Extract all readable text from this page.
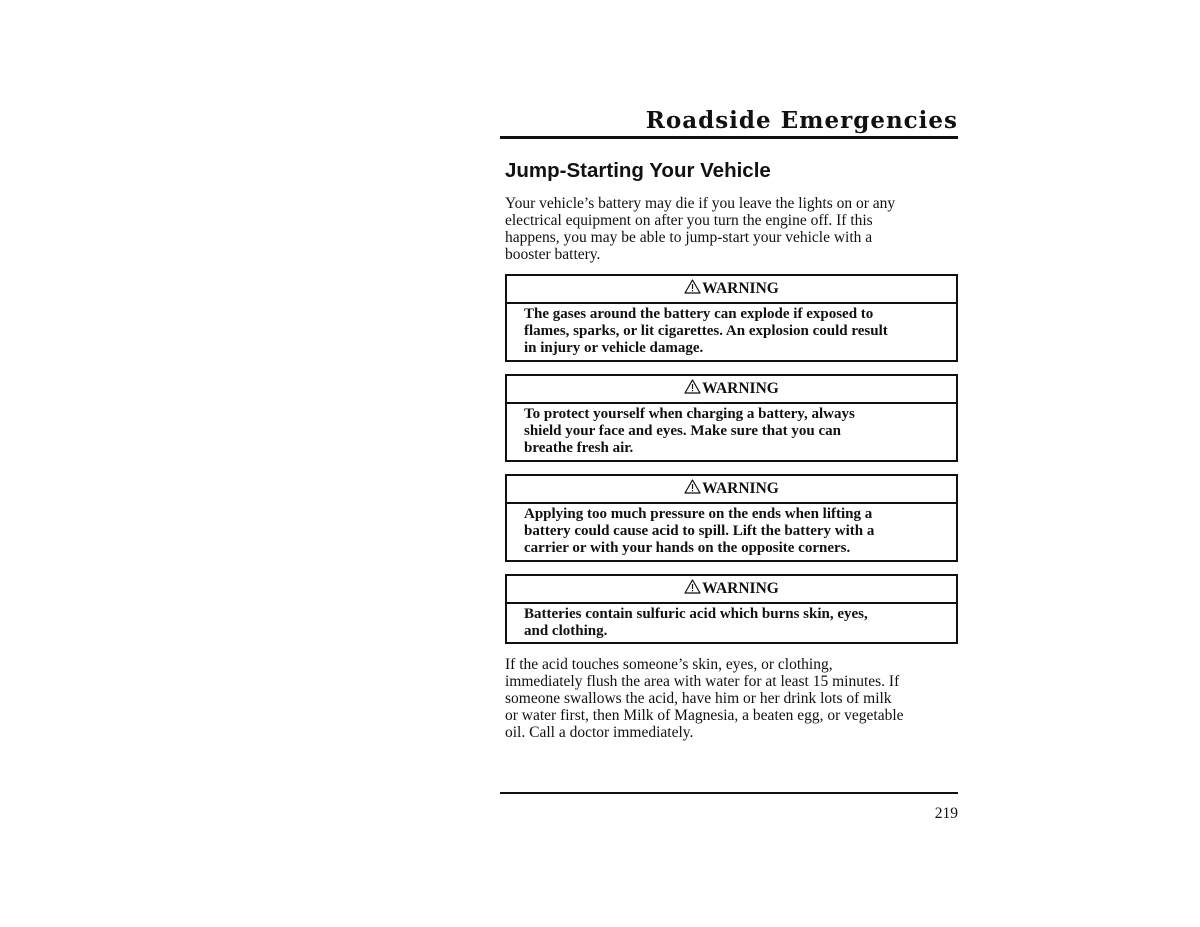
Roadside Emergencies
Jump-Starting Your Vehicle
Your vehicle’s battery may die if you leave the lights on or any
electrical equipment on after you turn the engine off. If this
happens, you may be able to jump-start your vehicle with a
booster battery.
WARNING
The gases around the battery can explode if exposed to
flames, sparks, or lit cigarettes. An explosion could result
in injury or vehicle damage.
WARNING
To protect yourself when charging a battery, always
shield your face and eyes. Make sure that you can
breathe fresh air.
WARNING
Applying too much pressure on the ends when lifting a
battery could cause acid to spill. Lift the battery with a
carrier or with your hands on the opposite corners.
WARNING
Batteries contain sulfuric acid which burns skin, eyes,
and clothing.
If the acid touches someone’s skin, eyes, or clothing,
immediately flush the area with water for at least 15 minutes. If
someone swallows the acid, have him or her drink lots of milk
or water first, then Milk of Magnesia, a beaten egg, or vegetable
oil. Call a doctor immediately.
219
